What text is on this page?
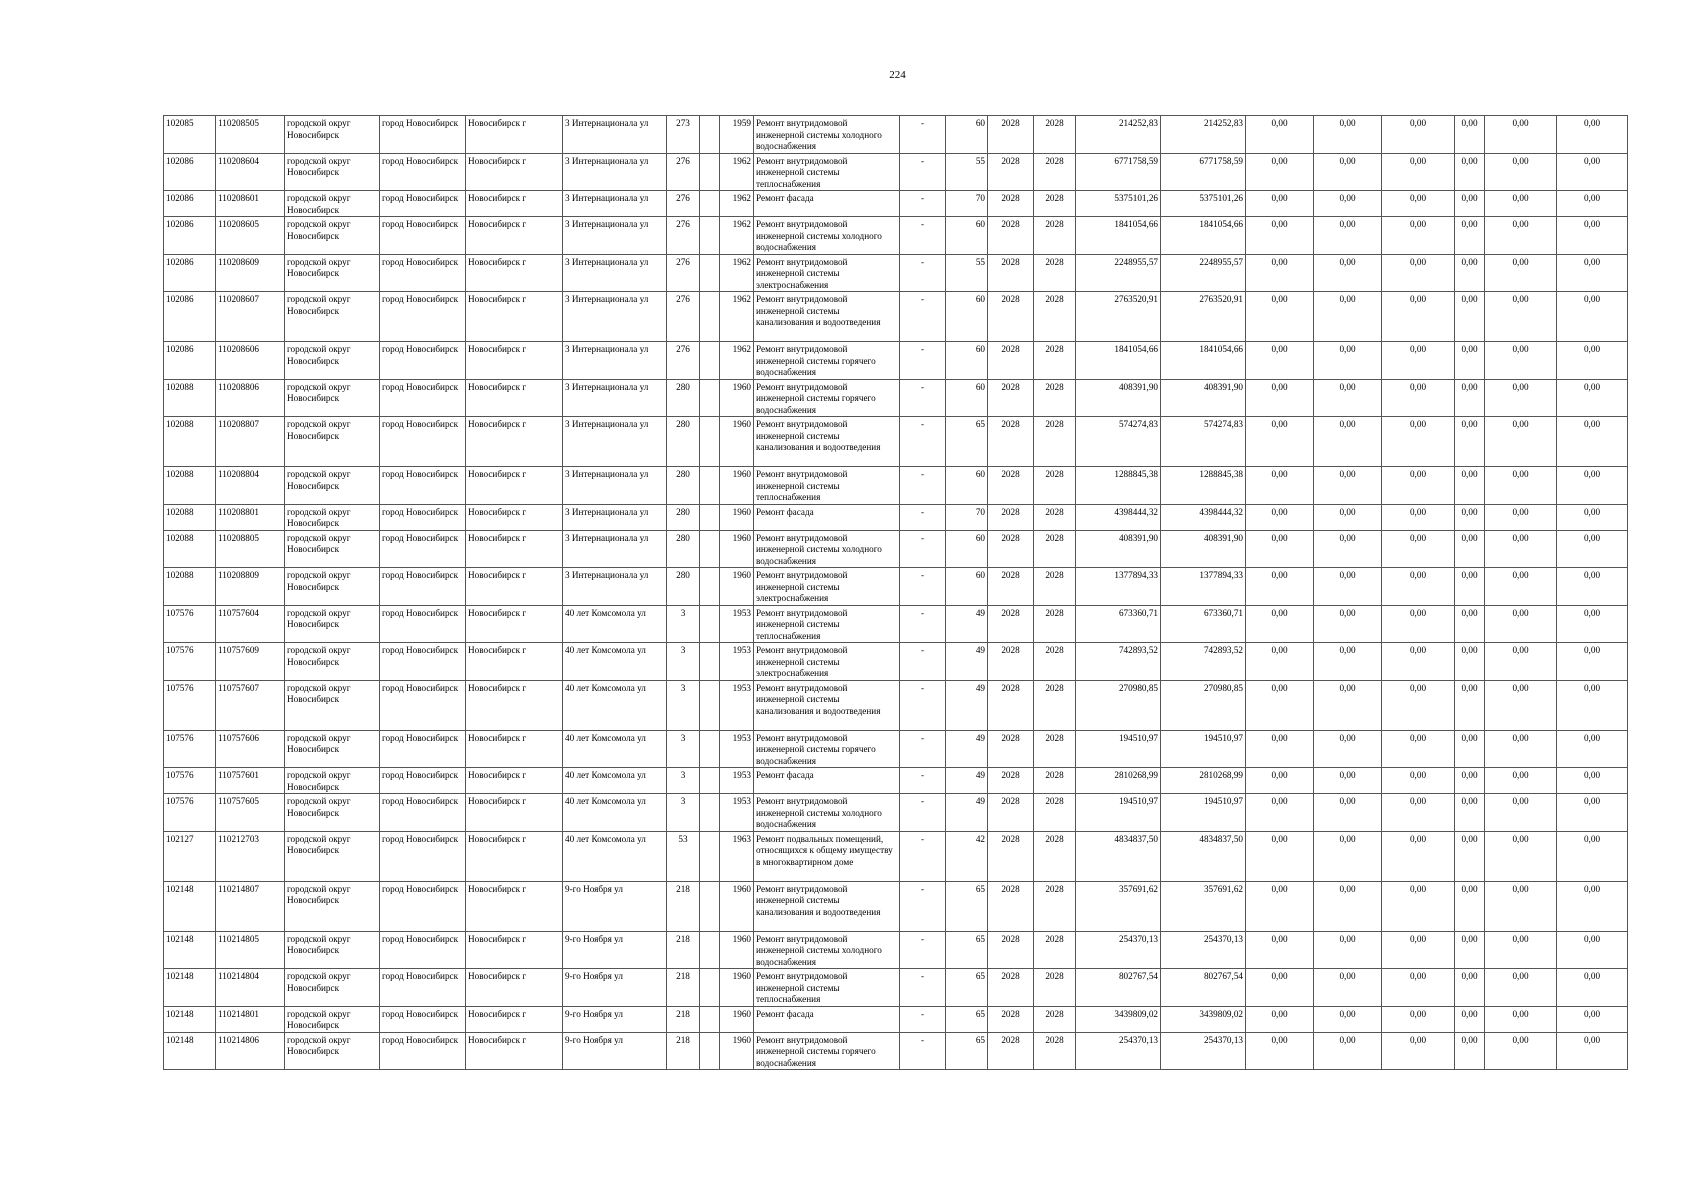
224
102085	110208505	городской округ Новосибирск	город Новосибирск	Новосибирск г	3 Интернационала ул	273		1959	Ремонт внутридомовой инженерной системы холодного водоснабжения	-	60	2028	2028	214252,83	214252,83	0,00	0,00	0,00	0,00	0,00	0,00
102086	110208604	городской округ Новосибирск	город Новосибирск	Новосибирск г	3 Интернационала ул	276		1962	Ремонт внутридомовой инженерной системы теплоснабжения	-	55	2028	2028	6771758,59	6771758,59	0,00	0,00	0,00	0,00	0,00	0,00
102086	110208601	городской округ Новосибирск	город Новосибирск	Новосибирск г	3 Интернационала ул	276		1962	Ремонт фасада	-	70	2028	2028	5375101,26	5375101,26	0,00	0,00	0,00	0,00	0,00	0,00
102086	110208605	городской округ Новосибирск	город Новосибирск	Новосибирск г	3 Интернационала ул	276		1962	Ремонт внутридомовой инженерной системы холодного водоснабжения	-	60	2028	2028	1841054,66	1841054,66	0,00	0,00	0,00	0,00	0,00	0,00
102086	110208609	городской округ Новосибирск	город Новосибирск	Новосибирск г	3 Интернационала ул	276		1962	Ремонт внутридомовой инженерной системы электроснабжения	-	55	2028	2028	2248955,57	2248955,57	0,00	0,00	0,00	0,00	0,00	0,00
102086	110208607	городской округ Новосибирск	город Новосибирск	Новосибирск г	3 Интернационала ул	276		1962	Ремонт внутридомовой инженерной системы канализования и водоотведения	-	60	2028	2028	2763520,91	2763520,91	0,00	0,00	0,00	0,00	0,00	0,00
102086	110208606	городской округ Новосибирск	город Новосибирск	Новосибирск г	3 Интернационала ул	276		1962	Ремонт внутридомовой инженерной системы горячего водоснабжения	-	60	2028	2028	1841054,66	1841054,66	0,00	0,00	0,00	0,00	0,00	0,00
102088	110208806	городской округ Новосибирск	город Новосибирск	Новосибирск г	3 Интернационала ул	280		1960	Ремонт внутридомовой инженерной системы горячего водоснабжения	-	60	2028	2028	408391,90	408391,90	0,00	0,00	0,00	0,00	0,00	0,00
102088	110208807	городской округ Новосибирск	город Новосибирск	Новосибирск г	3 Интернационала ул	280		1960	Ремонт внутридомовой инженерной системы канализования и водоотведения	-	65	2028	2028	574274,83	574274,83	0,00	0,00	0,00	0,00	0,00	0,00
102088	110208804	городской округ Новосибирск	город Новосибирск	Новосибирск г	3 Интернационала ул	280		1960	Ремонт внутридомовой инженерной системы теплоснабжения	-	60	2028	2028	1288845,38	1288845,38	0,00	0,00	0,00	0,00	0,00	0,00
102088	110208801	городской округ Новосибирск	город Новосибирск	Новосибирск г	3 Интернационала ул	280		1960	Ремонт фасада	-	70	2028	2028	4398444,32	4398444,32	0,00	0,00	0,00	0,00	0,00	0,00
102088	110208805	городской округ Новосибирск	город Новосибирск	Новосибирск г	3 Интернационала ул	280		1960	Ремонт внутридомовой инженерной системы холодного водоснабжения	-	60	2028	2028	408391,90	408391,90	0,00	0,00	0,00	0,00	0,00	0,00
102088	110208809	городской округ Новосибирск	город Новосибирск	Новосибирск г	3 Интернационала ул	280		1960	Ремонт внутридомовой инженерной системы электроснабжения	-	60	2028	2028	1377894,33	1377894,33	0,00	0,00	0,00	0,00	0,00	0,00
107576	110757604	городской округ Новосибирск	город Новосибирск	Новосибирск г	40 лет Комсомола ул	3		1953	Ремонт внутридомовой инженерной системы теплоснабжения	-	49	2028	2028	673360,71	673360,71	0,00	0,00	0,00	0,00	0,00	0,00
107576	110757609	городской округ Новосибирск	город Новосибирск	Новосибирск г	40 лет Комсомола ул	3		1953	Ремонт внутридомовой инженерной системы электроснабжения	-	49	2028	2028	742893,52	742893,52	0,00	0,00	0,00	0,00	0,00	0,00
107576	110757607	городской округ Новосибирск	город Новосибирск	Новосибирск г	40 лет Комсомола ул	3		1953	Ремонт внутридомовой инженерной системы канализования и водоотведения	-	49	2028	2028	270980,85	270980,85	0,00	0,00	0,00	0,00	0,00	0,00
107576	110757606	городской округ Новосибирск	город Новосибирск	Новосибирск г	40 лет Комсомола ул	3		1953	Ремонт внутридомовой инженерной системы горячего водоснабжения	-	49	2028	2028	194510,97	194510,97	0,00	0,00	0,00	0,00	0,00	0,00
107576	110757601	городской округ Новосибирск	город Новосибирск	Новосибирск г	40 лет Комсомола ул	3		1953	Ремонт фасада	-	49	2028	2028	2810268,99	2810268,99	0,00	0,00	0,00	0,00	0,00	0,00
107576	110757605	городской округ Новосибирск	город Новосибирск	Новосибирск г	40 лет Комсомола ул	3		1953	Ремонт внутридомовой инженерной системы холодного водоснабжения	-	49	2028	2028	194510,97	194510,97	0,00	0,00	0,00	0,00	0,00	0,00
102127	110212703	городской округ Новосибирск	город Новосибирск	Новосибирск г	40 лет Комсомола ул	53		1963	Ремонт подвальных помещений, относящихся к общему имуществу в многоквартирном доме	-	42	2028	2028	4834837,50	4834837,50	0,00	0,00	0,00	0,00	0,00	0,00
102148	110214807	городской округ Новосибирск	город Новосибирск	Новосибирск г	9-го Ноября ул	218		1960	Ремонт внутридомовой инженерной системы канализования и водоотведения	-	65	2028	2028	357691,62	357691,62	0,00	0,00	0,00	0,00	0,00	0,00
102148	110214805	городской округ Новосибирск	город Новосибирск	Новосибирск г	9-го Ноября ул	218		1960	Ремонт внутридомовой инженерной системы холодного водоснабжения	-	65	2028	2028	254370,13	254370,13	0,00	0,00	0,00	0,00	0,00	0,00
102148	110214804	городской округ Новосибирск	город Новосибирск	Новосибирск г	9-го Ноября ул	218		1960	Ремонт внутридомовой инженерной системы теплоснабжения	-	65	2028	2028	802767,54	802767,54	0,00	0,00	0,00	0,00	0,00	0,00
102148	110214801	городской округ Новосибирск	город Новосибирск	Новосибирск г	9-го Ноября ул	218		1960	Ремонт фасада	-	65	2028	2028	3439809,02	3439809,02	0,00	0,00	0,00	0,00	0,00	0,00
102148	110214806	городской округ Новосибирск	город Новосибирск	Новосибирск г	9-го Ноября ул	218		1960	Ремонт внутридомовой инженерной системы горячего водоснабжения	-	65	2028	2028	254370,13	254370,13	0,00	0,00	0,00	0,00	0,00	0,00
